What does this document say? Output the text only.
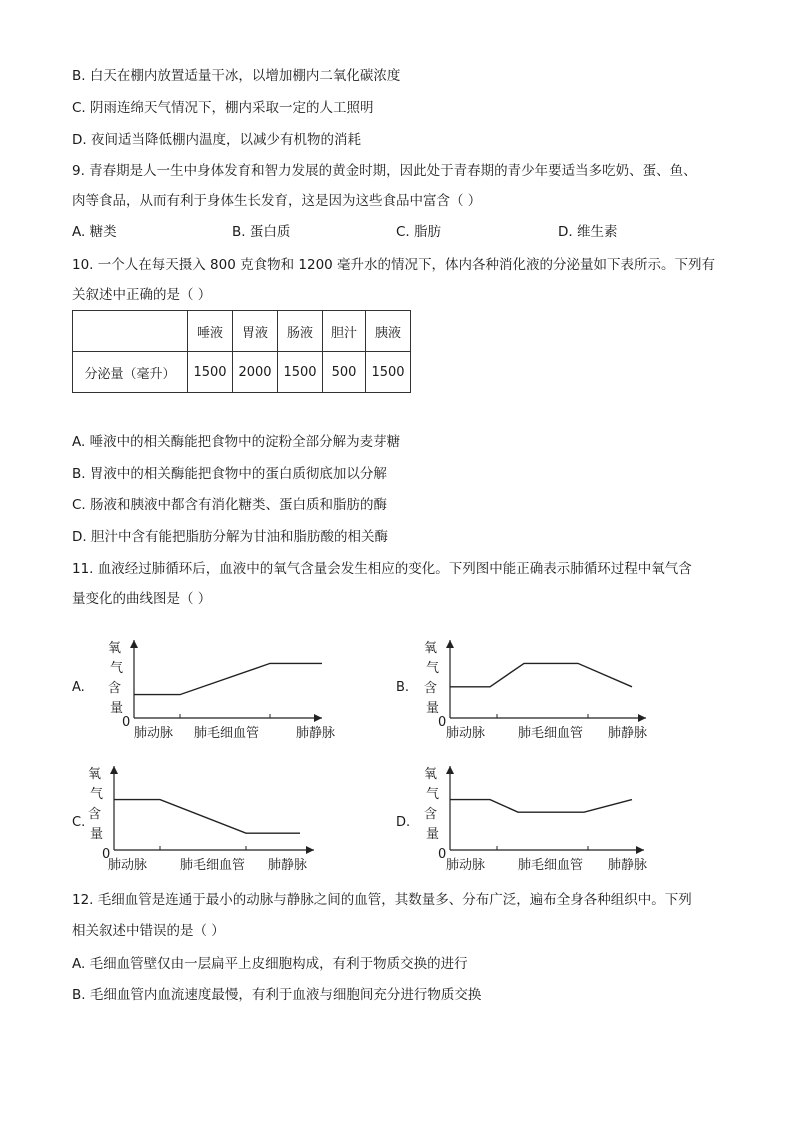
B. 白天在棚内放置适量干冰，以增加棚内二氧化碳浓度
C. 阴雨连绵天气情况下，棚内采取一定的人工照明
D. 夜间适当降低棚内温度，以减少有机物的消耗
9. 青春期是人一生中身体发育和智力发展的黄金时期，因此处于青春期的青少年要适当多吃奶、蛋、鱼、
肉等食品，从而有利于身体生长发育，这是因为这些食品中富含（ ）
A. 糖类	B. 蛋白质	C. 脂肪	D. 维生素
10. 一个人在每天摄入 800 克食物和 1200 毫升水的情况下，体内各种消化液的分泌量如下表所示。下列有
关叙述中正确的是（ ）
	唾液	胃液	肠液	胆汁	胰液
分泌量（毫升）	1500	2000	1500	500	1500
A. 唾液中的相关酶能把食物中的淀粉全部分解为麦芽糖
B. 胃液中的相关酶能把食物中的蛋白质彻底加以分解
C. 肠液和胰液中都含有消化糖类、蛋白质和脂肪的酶
D. 胆汁中含有能把脂肪分解为甘油和脂肪酸的相关酶
11. 血液经过肺循环后，血液中的氧气含量会发生相应的变化。下列图中能正确表示肺循环过程中氧气含
量变化的曲线图是（ ）
A.
氧
气
含
量
0
肺动脉 肺毛细血管	肺静脉
B.
氧
气
含
量
0
肺动脉	肺毛细血管 肺静脉
C.
氧
气
含
量
0
肺动脉	肺毛细血管 肺静脉
D.
氧
气
含
量
0
肺动脉	肺毛细血管 肺静脉
12. 毛细血管是连通于最小的动脉与静脉之间的血管，其数量多、分布广泛，遍布全身各种组织中。下列
相关叙述中错误的是（ ）
A. 毛细血管壁仅由一层扁平上皮细胞构成，有利于物质交换的进行
B. 毛细血管内血流速度最慢，有利于血液与细胞间充分进行物质交换
